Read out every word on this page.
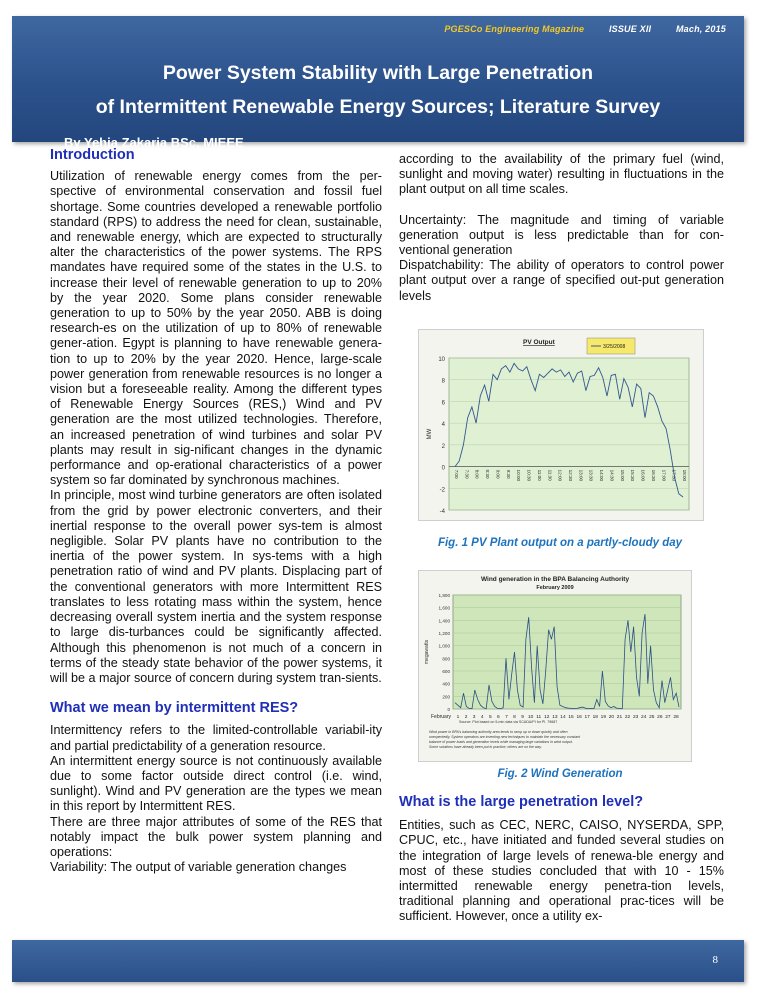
PGESCo Engineering Magazine	ISSUE XII	Mach, 2015
Power System Stability with Large Penetration
of Intermittent Renewable Energy Sources; Literature Survey
By Yehia Zakaria BSc, MIEEE
Introduction

Utilization of renewable energy comes from the per-spective of environmental conservation and fossil fuel shortage. Some countries developed a renewable portfolio standard (RPS) to address the need for clean, sustainable, and renewable energy, which are expected to structurally alter the characteristics of the power systems. The RPS mandates have required some of the states in the U.S. to increase their level of renewable generation to up to 20% by the year 2020. Some plans consider renewable generation to up to 50% by the year 2050. ABB is doing research-es on the utilization of up to 80% of renewable gener-ation. Egypt is planning to have renewable genera-tion to up to 20% by the year 2020. Hence, large-scale power generation from renewable resources is no longer a vision but a foreseeable reality. Among the different types of Renewable Energy Sources (RES,) Wind and PV generation are the most utilized technologies. Therefore, an increased penetration of wind turbines and solar PV plants may result in sig-nificant changes in the dynamic performance and op-erational characteristics of a power system so far dominated by synchronous machines.

In principle, most wind turbine generators are often isolated from the grid by power electronic converters, and their inertial response to the overall power sys-tem is almost negligible. Solar PV plants have no contribution to the inertia of the power system. In sys-tems with a high penetration ratio of wind and PV plants. Displacing part of the conventional generators with more Intermittent RES translates to less rotating mass within the system, hence decreasing overall system inertia and the system response to large dis-turbances could be significantly affected. Although this phenomenon is not much of a concern in terms of the steady state behavior of the power systems, it will be a major source of concern during system tran-sients.

What we mean by intermittent RES?

Intermittency refers to the limited-controllable variabil-ity and partial predictability of a generation resource.

An intermittent energy source is not continuously available due to some factor outside direct control (i.e. wind, sunlight). Wind and PV generation are the types we mean in this report by Intermittent RES.

There are three major attributes of some of the RES that notably impact the bulk power system planning and operations:

Variability: The output of variable generation changes

according to the availability of the primary fuel (wind, sunlight and moving water) resulting in fluctuations in the plant output on all time scales.

Uncertainty: The magnitude and timing of variable generation output is less predictable than for con-ventional generation

Dispatchability: The ability of operators to control power plant output over a range of specified out-put generation levels

-4
-2
0
2
4
6
8
10
MW
PV Output
3/25/2008
7:00 7:30 8:00 8:30 9:00 9:30 10:00 10:30 11:00 11:30 12:00 12:30 13:00 13:30 14:00 14:30 15:00 15:30 16:00 16:30 17:00 17:30 18:00
Fig. 1 PV Plant output on a partly-cloudy day
Wind generation in the BPA Balancing Authority
February 2009
0
200
400
600
800
1,000
1,200
1,400
1,600
1,800
megawatts
February 1 2 3 4 5 6 7 8 9 10 11 12 13 14 15 16 17 18 19 20 21 22 23 24 25 26 27 28
Source: Plot based on 5-min data via SCADA/PI for PI. 79687
Wind power in BPA's balancing authority area tends to ramp up or down quickly and often
unexpectedly. System operators are inventing new techniques to maintain the necessary constant
balance of power loads and generation levels while managing large variations in wind output.
Some solutions have already been put in practice; others are on the way.
Fig. 2 Wind Generation
What is the large penetration level?

Entities, such as CEC, NERC, CAISO, NYSERDA, SPP, CPUC, etc., have initiated and funded several studies on the integration of large levels of renewa-ble energy and most of these studies concluded that with 10 - 15% intermitted renewable energy penetra-tion levels, traditional planning and operational prac-tices will be sufficient. However, once a utility ex-

8
